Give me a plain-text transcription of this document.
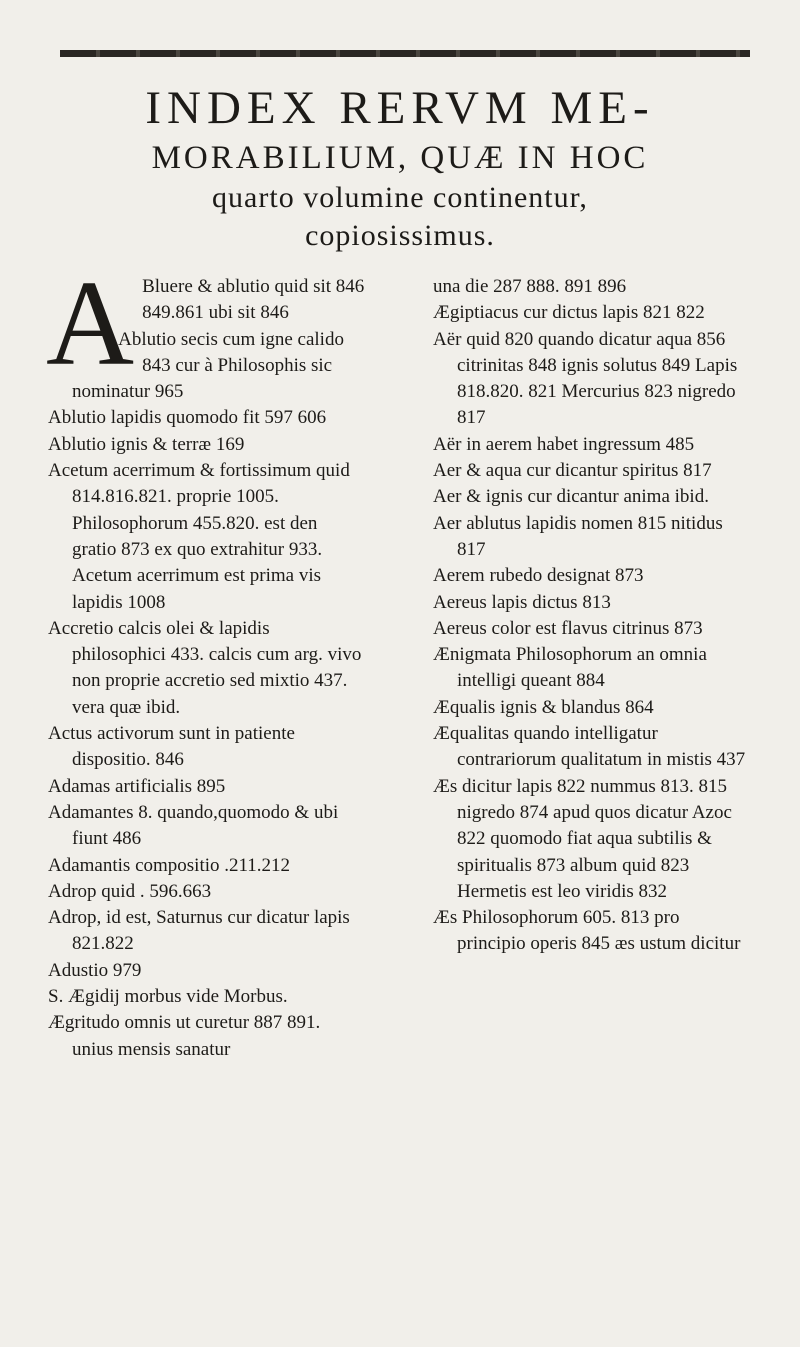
INDEX RERVM ME-
MORABILIUM, QUÆ IN HOC
quarto volumine continentur,
copiosissimus.
A Bluere & ablutio quid sit 846 849.861 ubi sit 846

Ablutio secis cum igne calido 843 cur à Philosophis sic nominatur 965

Ablutio lapidis quomodo fit 597 606

Ablutio ignis & terræ 169

Acetum acerrimum & fortissimum quid 814.816.821. proprie 1005. Philosophorum 455.820. est den gratio 873 ex quo extrahitur 933. Acetum acerrimum est prima vis lapidis 1008

Accretio calcis olei & lapidis philosophici 433. calcis cum arg. vivo non proprie accretio sed mixtio 437. vera quæ ibid.

Actus activorum sunt in patiente dispositio. 846

Adamas artificialis 895

Adamantes 8. quando,quomodo & ubi fiunt 486

Adamantis compositio .211.212

Adrop quid . 596.663

Adrop, id est, Saturnus cur dicatur lapis 821.822

Adustio 979

S. Ægidij morbus vide Morbus.

Ægritudo omnis ut curetur 887 891. unius mensis sanatur

una die 287 888. 891 896

Ægiptiacus cur dictus lapis 821 822

Aër quid 820 quando dicatur aqua 856 citrinitas 848 ignis solutus 849 Lapis 818.820. 821 Mercurius 823 nigredo 817

Aër in aerem habet ingressum 485

Aer & aqua cur dicantur spiritus 817

Aer & ignis cur dicantur anima ibid.

Aer ablutus lapidis nomen 815 nitidus 817

Aerem rubedo designat 873

Aereus lapis dictus 813

Aereus color est flavus citrinus 873

Ænigmata Philosophorum an omnia intelligi queant 884

Æqualis ignis & blandus 864

Æqualitas quando intelligatur contrariorum qualitatum in mistis 437

Æs dicitur lapis 822 nummus 813. 815 nigredo 874 apud quos dicatur Azoc 822 quomodo fiat aqua subtilis & spiritualis 873 album quid 823 Hermetis est leo viridis 832

Æs Philosophorum 605. 813 pro principio operis 845 æs ustum dicitur
